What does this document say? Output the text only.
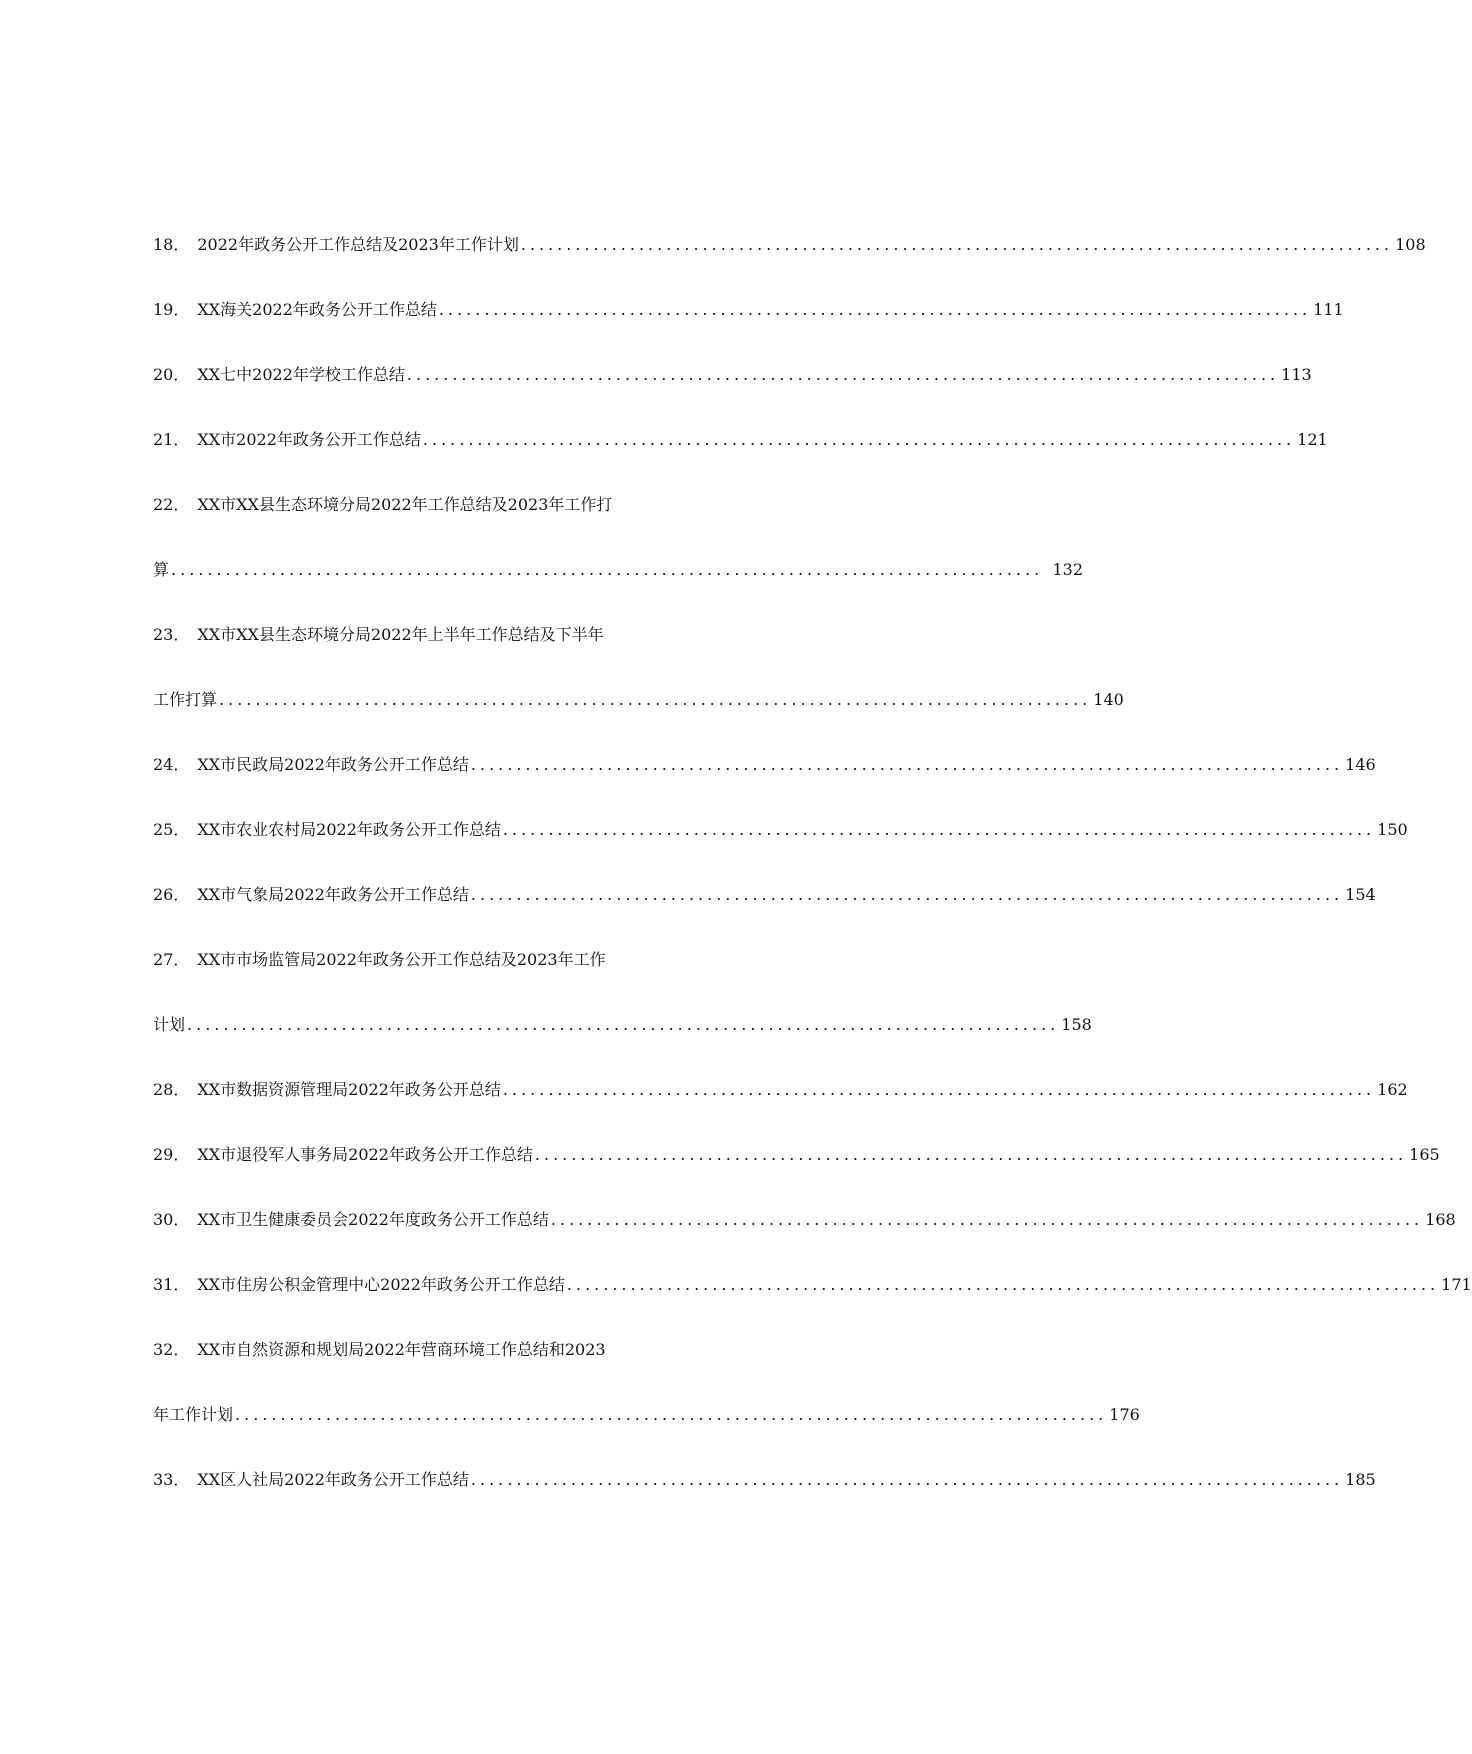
18． 2022年政务公开工作总结及2023年工作计划 ................................................................................................ 108
19． XX海关2022年政务公开工作总结 ................................................................................................ 111
20． XX七中2022年学校工作总结 ................................................................................................ 113
21． XX市2022年政务公开工作总结 ................................................................................................ 121
22． XX市XX县生态环境分局2022年工作总结及2023年工作打
算 ................................................................................................ 132
23． XX市XX县生态环境分局2022年上半年工作总结及下半年
工作打算 ................................................................................................ 140
24． XX市民政局2022年政务公开工作总结 ................................................................................................ 146
25． XX市农业农村局2022年政务公开工作总结 ................................................................................................ 150
26． XX市气象局2022年政务公开工作总结 ................................................................................................ 154
27． XX市市场监管局2022年政务公开工作总结及2023年工作
计划 ................................................................................................ 158
28． XX市数据资源管理局2022年政务公开总结 ................................................................................................ 162
29． XX市退役军人事务局2022年政务公开工作总结 ................................................................................................ 165
30． XX市卫生健康委员会2022年度政务公开工作总结 ................................................................................................ 168
31． XX市住房公积金管理中心2022年政务公开工作总结 ................................................................................................ 171
32． XX市自然资源和规划局2022年营商环境工作总结和2023
年工作计划 ................................................................................................ 176
33． XX区人社局2022年政务公开工作总结 ................................................................................................ 185
